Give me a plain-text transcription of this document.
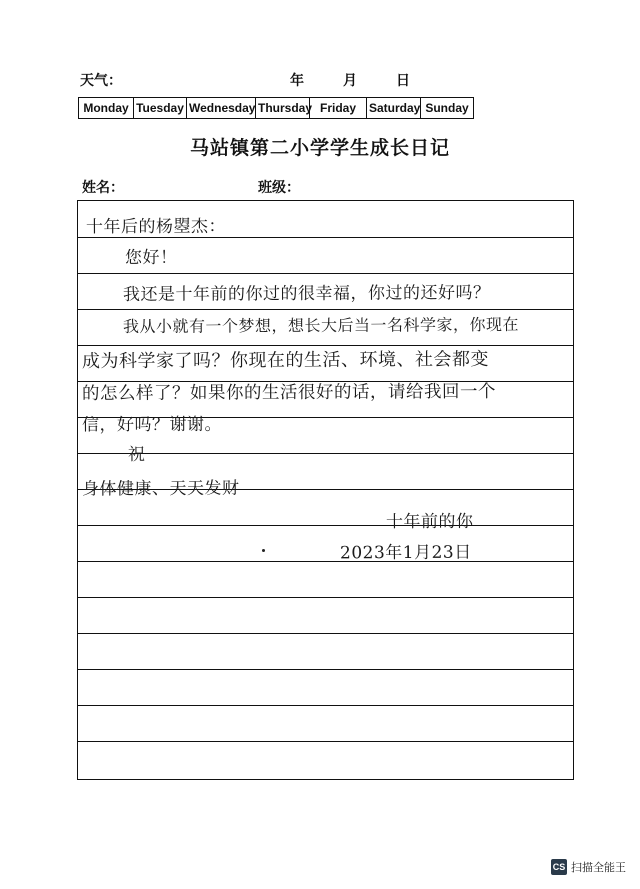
天气：	年	月	日
Monday Tuesday Wednesday Thursday Friday	Saturday Sunday
马站镇第二小学学生成长日记
姓名：	班级：
十年后的杨曌杰：
您好！
我还是十年前的你过的很幸福，你过的还好吗？
我从小就有一个梦想，想长大后当一名科学家，你现在
成为科学家了吗？你现在的生活、环境、社会都变
的怎么样了？如果你的生活很好的话，请给我回一个
信，好吗？谢谢。
祝
身体健康、天天发财
十年前的你
2023年1月23日
CS 扫描全能王
